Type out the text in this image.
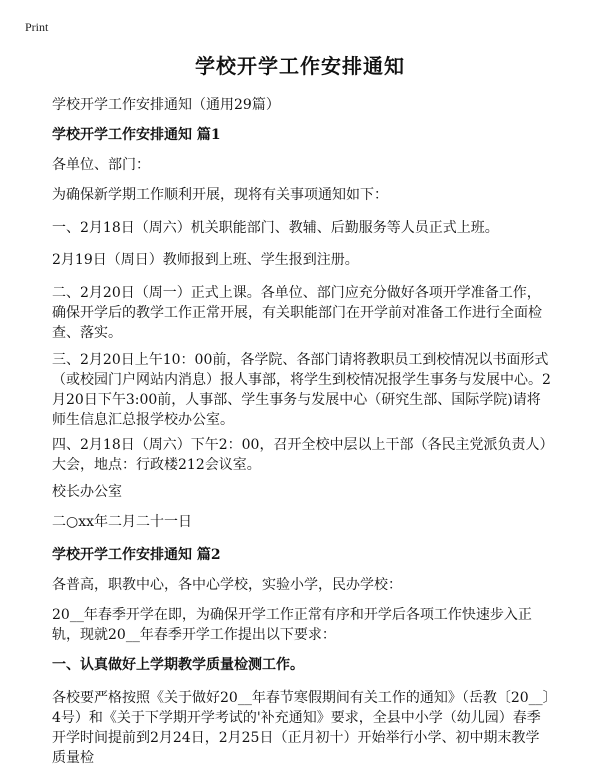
Print
学校开学工作安排通知

学校开学工作安排通知（通用29篇）

学校开学工作安排通知 篇1

各单位、部门：

为确保新学期工作顺利开展，现将有关事项通知如下：

一、2月18日（周六）机关职能部门、教辅、后勤服务等人员正式上班。

2月19日（周日）教师报到上班、学生报到注册。

二、2月20日（周一）正式上课。各单位、部门应充分做好各项开学准备工作，确保开学后的教学工作正常开展，有关职能部门在开学前对准备工作进行全面检查、落实。

三、2月20日上午10：00前，各学院、各部门请将教职员工到校情况以书面形式（或校园门户网站内消息）报人事部，将学生到校情况报学生事务与发展中心。2月20日下午3:00前，人事部、学生事务与发展中心（研究生部、国际学院)请将师生信息汇总报学校办公室。

四、2月18日（周六）下午2：00，召开全校中层以上干部（各民主党派负责人）大会，地点：行政楼212会议室。

校长办公室

二○xx年二月二十一日

学校开学工作安排通知 篇2

各普高，职教中心，各中心学校，实验小学，民办学校：

20__年春季开学在即，为确保开学工作正常有序和开学后各项工作快速步入正轨，现就20__年春季开学工作提出以下要求：

一、认真做好上学期教学质量检测工作。

各校要严格按照《关于做好20__年春节寒假期间有关工作的通知》（岳教〔20__〕4号）和《关于下学期开学考试的'补充通知》要求，全县中小学（幼儿园）春季开学时间提前到2月24日，2月25日（正月初十）开始举行小学、初中期末教学质量检
